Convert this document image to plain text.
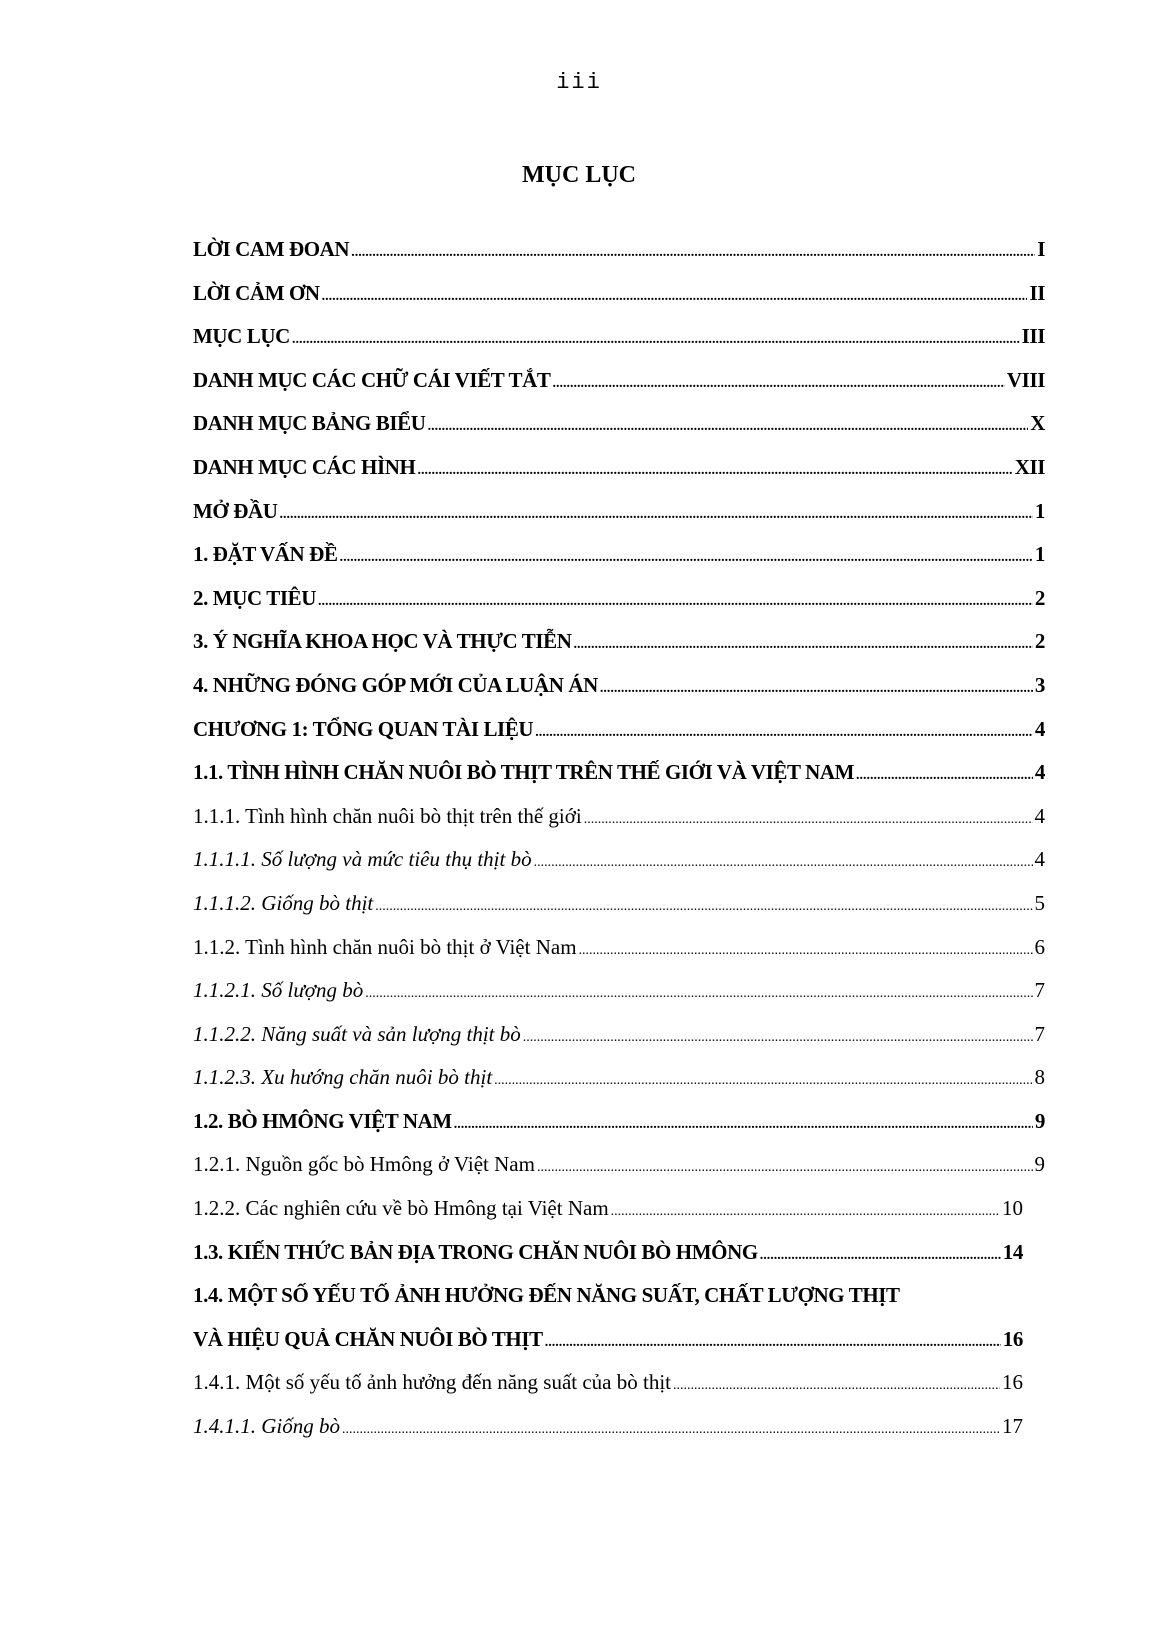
iii
MỤC LỤC
LỜI CAM ĐOAN .....	I
LỜI CẢM ƠN .....	II
MỤC LỤC .....	III
DANH MỤC CÁC CHỮ CÁI VIẾT TẮT .....	VIII
DANH MỤC BẢNG BIỂU .....	X
DANH MỤC CÁC HÌNH .....	XII
MỞ ĐẦU .....	1
1. ĐẶT VẤN ĐỀ .....	1
2. MỤC TIÊU .....	2
3. Ý NGHĨA KHOA HỌC VÀ THỰC TIỄN .....	2
4. NHỮNG ĐÓNG GÓP MỚI CỦA LUẬN ÁN .....	3
CHƯƠNG 1: TỔNG QUAN TÀI LIỆU .....	4
1.1. TÌNH HÌNH CHĂN NUÔI BÒ THỊT TRÊN THẾ GIỚI VÀ VIỆT NAM .....	4
1.1.1. Tình hình chăn nuôi bò thịt trên thế giới .....	4
1.1.1.1. Số lượng và mức tiêu thụ thịt bò .....	4
1.1.1.2. Giống bò thịt .....	5
1.1.2. Tình hình chăn nuôi bò thịt ở Việt Nam .....	6
1.1.2.1. Số lượng bò .....	7
1.1.2.2. Năng suất và sản lượng thịt bò .....	7
1.1.2.3. Xu hướng chăn nuôi bò thịt .....	8
1.2. BÒ HMÔNG VIỆT NAM .....	9
1.2.1. Nguồn gốc bò Hmông ở Việt Nam .....	9
1.2.2. Các nghiên cứu về bò Hmông tại Việt Nam .....	10
1.3. KIẾN THỨC BẢN ĐỊA TRONG CHĂN NUÔI BÒ HMÔNG .....	14
1.4. MỘT SỐ YẾU TỐ ẢNH HƯỞNG ĐẾN NĂNG SUẤT, CHẤT LƯỢNG THỊT
VÀ HIỆU QUẢ CHĂN NUÔI BÒ THỊT .....	16
1.4.1. Một số yếu tố ảnh hưởng đến năng suất của bò thịt .....	16
1.4.1.1. Giống bò .....	17
